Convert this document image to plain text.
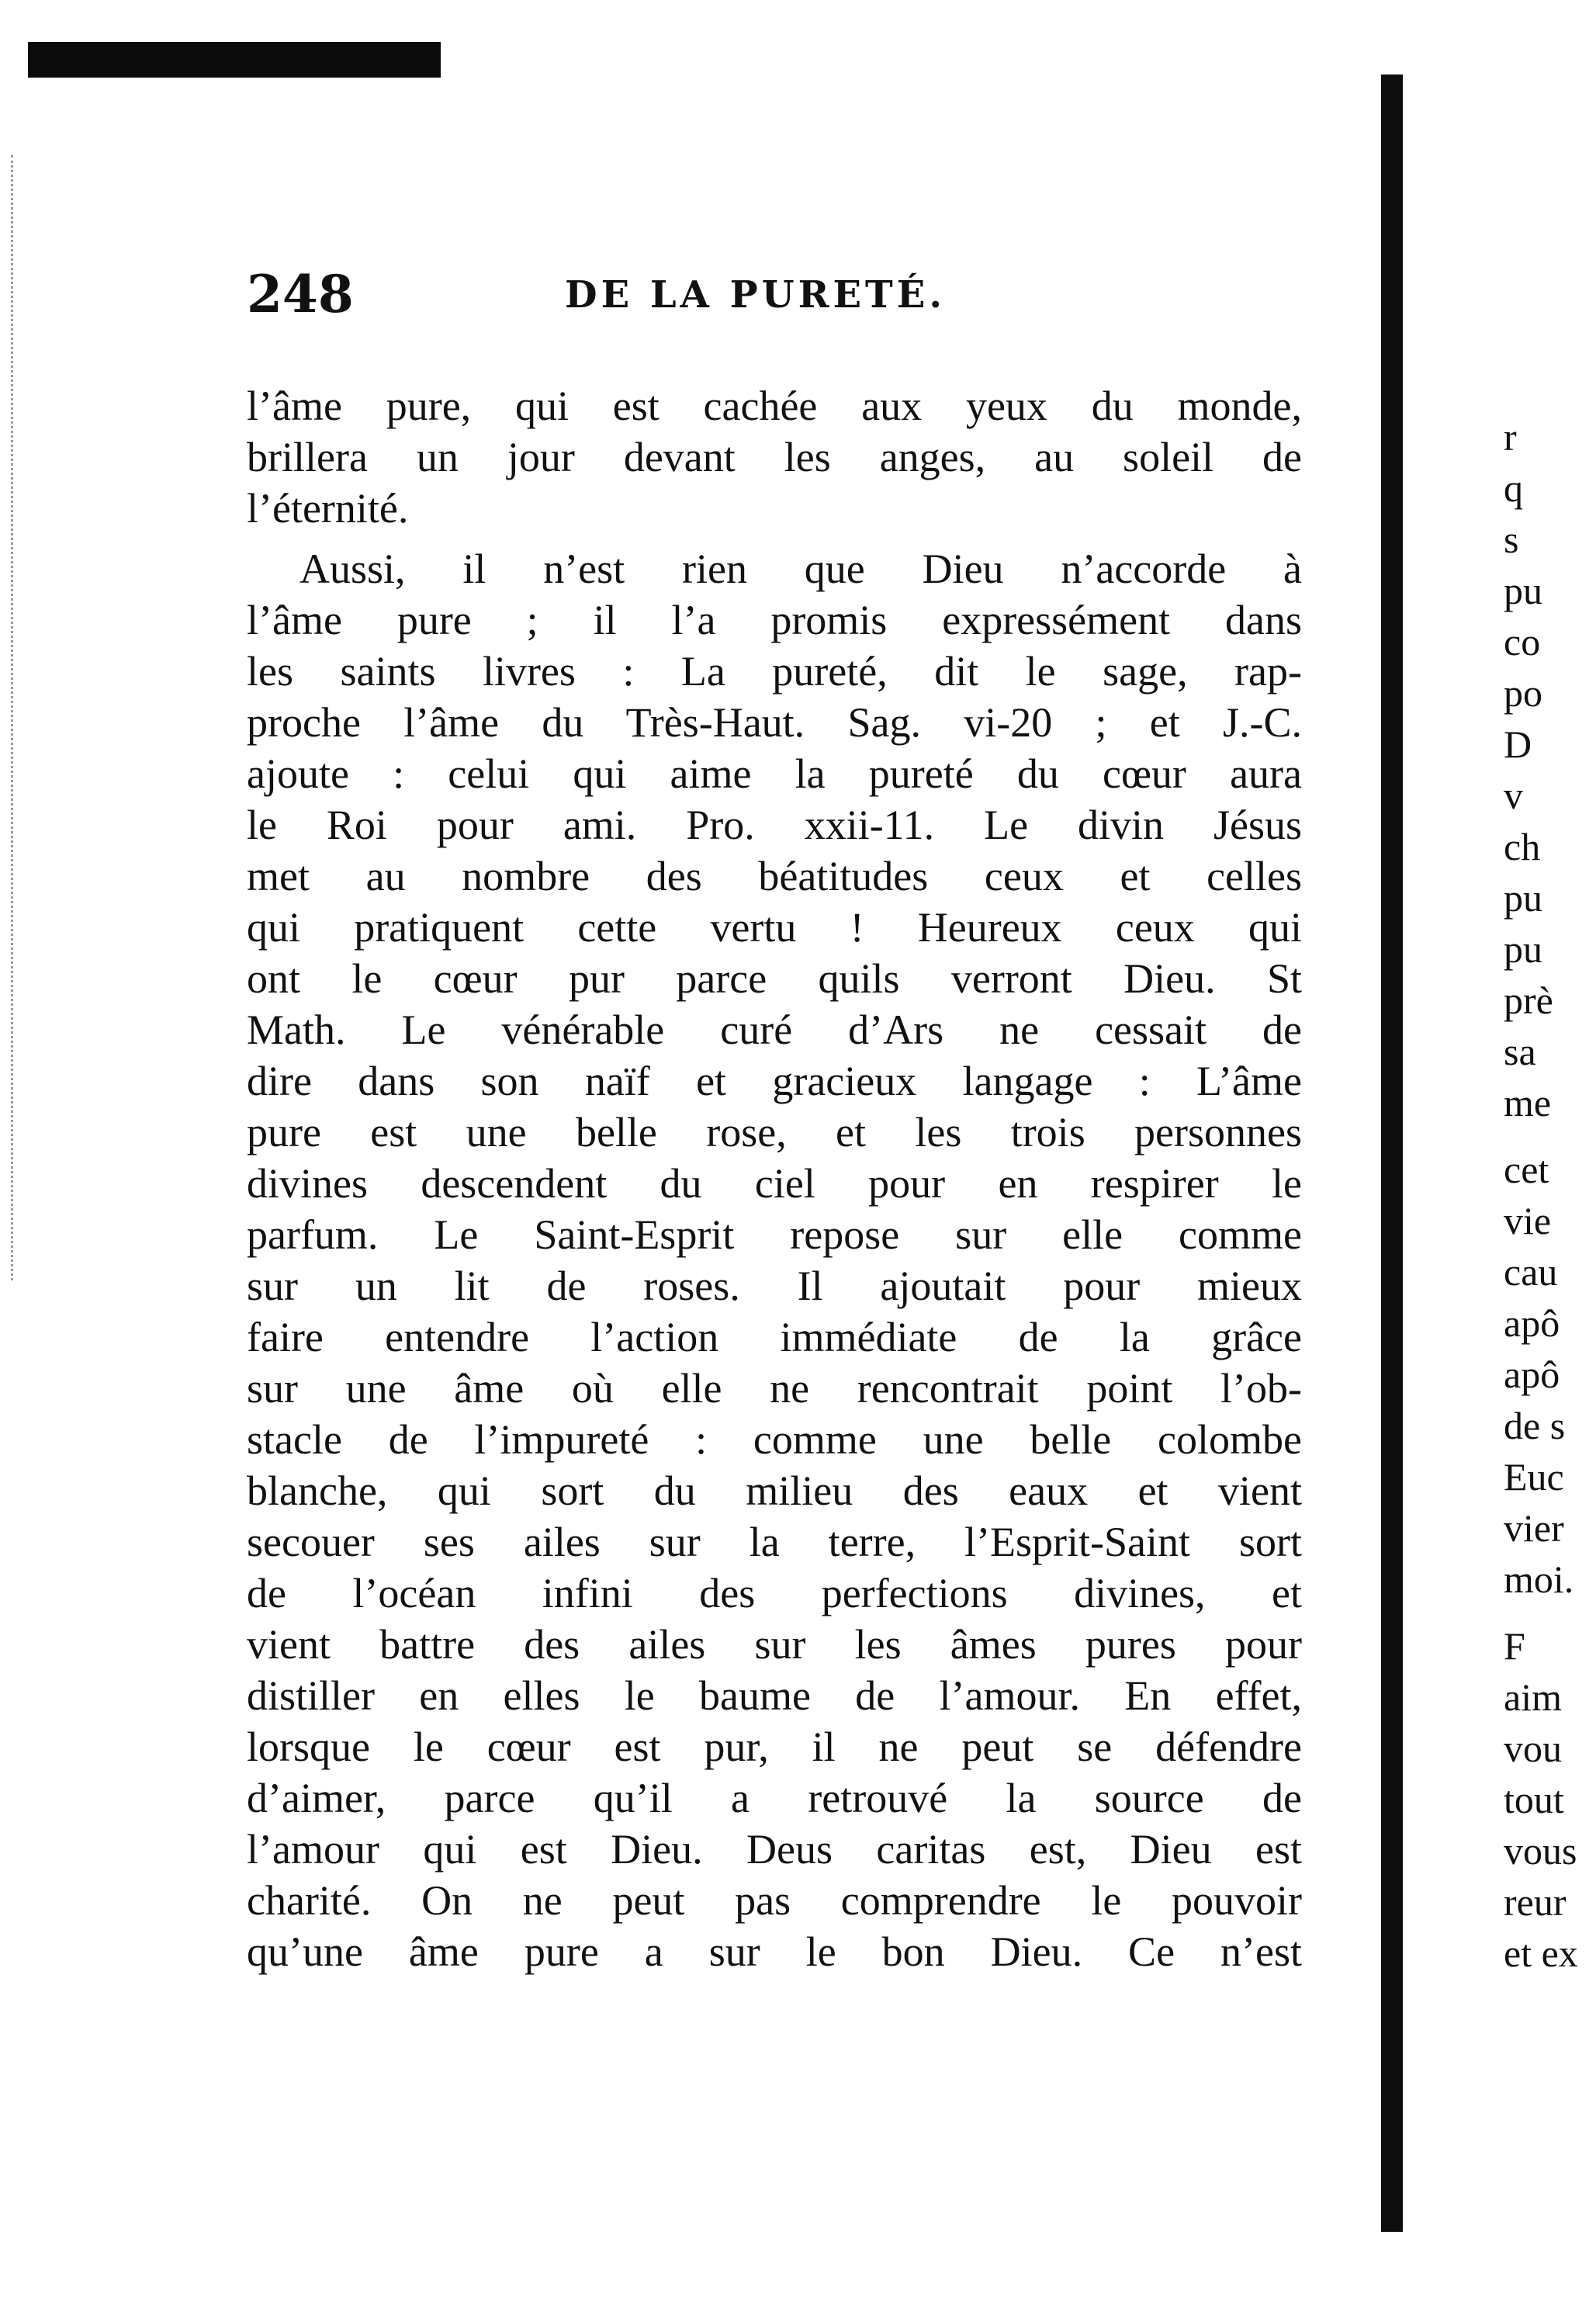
248	DE LA PURETÉ.
l’âme pure, qui est cachée aux yeux du monde,
brillera un jour devant les anges, au soleil de
l’éternité.
Aussi, il n’est rien que Dieu n’accorde à
l’âme pure ; il l’a promis expressément dans
les saints livres : La pureté, dit le sage, rap-
proche l’âme du Très-Haut. Sag. vi-20 ; et J.-C.
ajoute : celui qui aime la pureté du cœur aura
le Roi pour ami. Pro. xxii-11. Le divin Jésus
met au nombre des béatitudes ceux et celles
qui pratiquent cette vertu ! Heureux ceux qui
ont le cœur pur parce quils verront Dieu. St
Math. Le vénérable curé d’Ars ne cessait de
dire dans son naïf et gracieux langage : L’âme
pure est une belle rose, et les trois personnes
divines descendent du ciel pour en respirer le
parfum. Le Saint-Esprit repose sur elle comme
sur un lit de roses. Il ajoutait pour mieux
faire entendre l’action immédiate de la grâce
sur une âme où elle ne rencontrait point l’ob-
stacle de l’impureté : comme une belle colombe
blanche, qui sort du milieu des eaux et vient
secouer ses ailes sur la terre, l’Esprit-Saint sort
de l’océan infini des perfections divines, et
vient battre des ailes sur les âmes pures pour
distiller en elles le baume de l’amour. En effet,
lorsque le cœur est pur, il ne peut se défendre
d’aimer, parce qu’il a retrouvé la source de
l’amour qui est Dieu. Deus caritas est, Dieu est
charité. On ne peut pas comprendre le pouvoir
qu’une âme pure a sur le bon Dieu. Ce n’est
r
q
s
pu
co
po
D
v
ch
pu
pu
prè
sa
me
cet
vie
cau
apô
apô
de s
Euc
vier
moi.
F
aim
vou
tout
vous
reur
et ex
